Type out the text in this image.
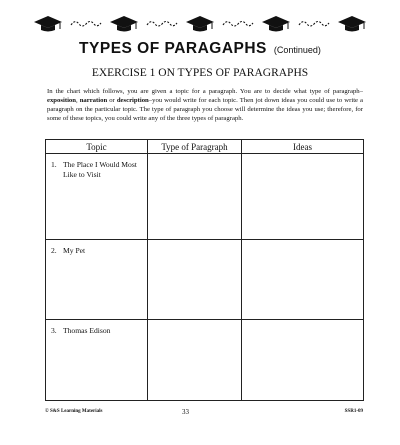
TYPES OF PARAGAPHS (Continued)
EXERCISE 1 ON TYPES OF PARAGRAPHS
In the chart which follows, you are given a topic for a paragraph. You are to decide what type of paragraph–exposition, narration or description–you would write for each topic. Then jot down ideas you could use to write a paragraph on the particular topic. The type of paragraph you choose will determine the ideas you use; therefore, for some of these topics, you could write any of the three types of paragraph.
Topic	Type of Paragraph	Ideas
1. The Place I Would Most Like to Visit		
2. My Pet		
3. Thomas Edison		
© S&S Learning Materials	33	SSR1-09
